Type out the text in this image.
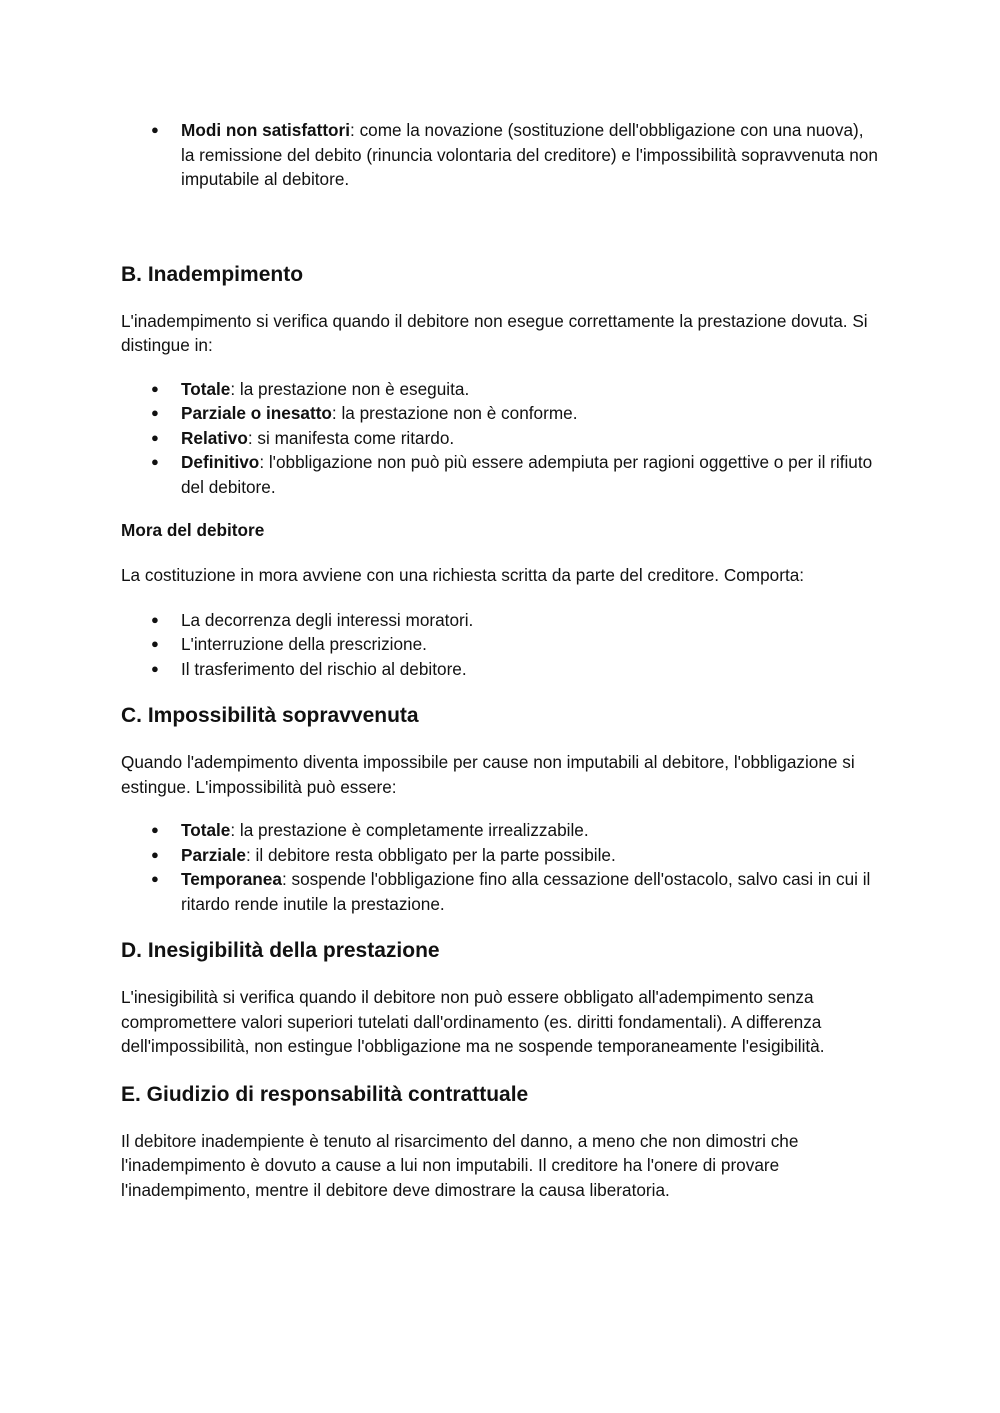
● Modi non satisfattori: come la novazione (sostituzione dell'obbligazione con una nuova), la remissione del debito (rinuncia volontaria del creditore) e l'impossibilità sopravvenuta non imputabile al debitore.
B. Inadempimento

L'inadempimento si verifica quando il debitore non esegue correttamente la prestazione dovuta. Si distingue in:

● Totale: la prestazione non è eseguita.
● Parziale o inesatto: la prestazione non è conforme.
● Relativo: si manifesta come ritardo.
● Definitivo: l'obbligazione non può più essere adempiuta per ragioni oggettive o per il rifiuto del debitore.
Mora del debitore

La costituzione in mora avviene con una richiesta scritta da parte del creditore. Comporta:

● La decorrenza degli interessi moratori.
● L'interruzione della prescrizione.
● Il trasferimento del rischio al debitore.
C. Impossibilità sopravvenuta

Quando l'adempimento diventa impossibile per cause non imputabili al debitore, l'obbligazione si estingue. L'impossibilità può essere:

● Totale: la prestazione è completamente irrealizzabile.
● Parziale: il debitore resta obbligato per la parte possibile.
● Temporanea: sospende l'obbligazione fino alla cessazione dell'ostacolo, salvo casi in cui il ritardo rende inutile la prestazione.
D. Inesigibilità della prestazione

L'inesigibilità si verifica quando il debitore non può essere obbligato all'adempimento senza compromettere valori superiori tutelati dall'ordinamento (es. diritti fondamentali). A differenza dell'impossibilità, non estingue l'obbligazione ma ne sospende temporaneamente l'esigibilità.

E. Giudizio di responsabilità contrattuale

Il debitore inadempiente è tenuto al risarcimento del danno, a meno che non dimostri che l'inadempimento è dovuto a cause a lui non imputabili. Il creditore ha l'onere di provare l'inadempimento, mentre il debitore deve dimostrare la causa liberatoria.
